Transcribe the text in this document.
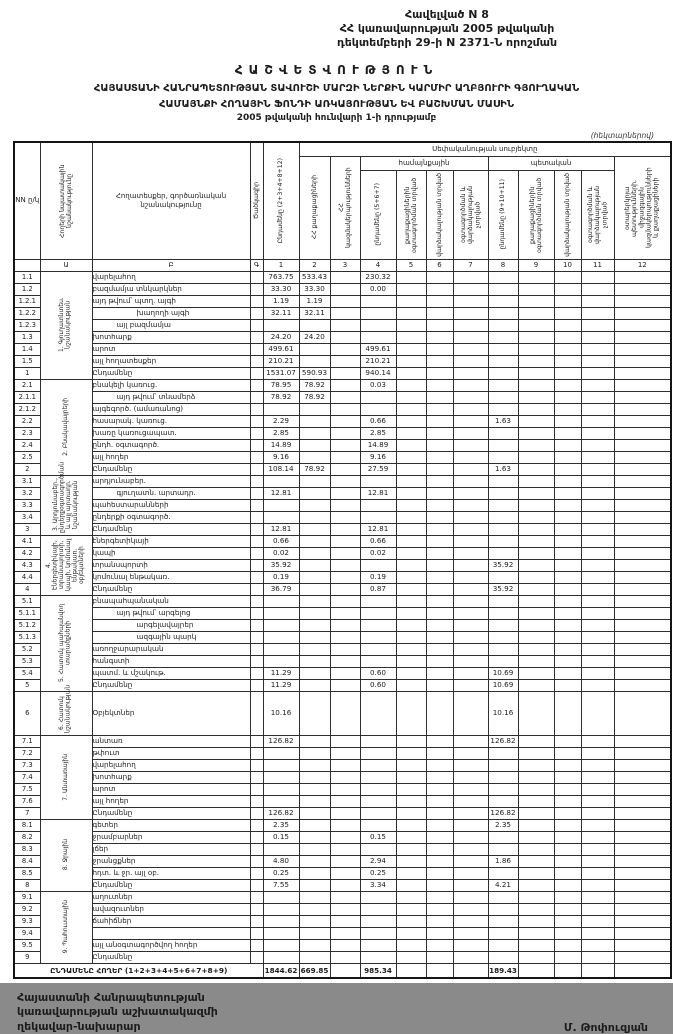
Հավելված N 8
ՀՀ կառավարության 2005 թվականի
դեկտեմբերի 29-ի N 2371-Ն որոշման
ՀԱՇՎԵՏՎՈՒԹՅՈՒՆ
ՀԱՅԱՍՏԱՆԻ ՀԱՆՐԱՊԵՏՈՒԹՅԱՆ ՏԱՎՈՒՇԻ ՄԱՐԶԻ ՆԵՐՔԻՆ ԿԱՐՄԻՐ ԱՂԲՅՈՒՐԻ ԳՅՈՒՂԱԿԱՆ
ՀԱՄԱՅՆՔԻ ՀՈՂԱՅԻՆ ՖՈՆԴԻ ԱՌԿԱՅՈՒԹՅԱՆ ԵՎ ԲԱՇԽՄԱՆ ՄԱՍԻՆ
2005 թվականի հունվարի 1-ի դրությամբ
(հեկտարներով)
NN ը/կ	Հողերի նպատակային նշանակությունը	Հողատեսքեր, գործառնական նշանակությունը	Ծածկագիր	Ընդամենը (2+3+4+8+12)	Սեփականության սուբյեկտը										

					ՀՀ քաղաքացիների	ՀՀ կազմակերպությունների	համայնքային				պետական				օտարերկրյա պետությունների, միջազգային կազմակերպությունների և քաղաքացիների

							ընդամենը (5+6+7)	քաղաքացիներին օգտագործման տրված	վարձակալության տրված	օգտագործման և վարձակալության չտրված	ընդամենը (9+10+11)	քաղաքացիներին օգտագործման տրված	վարձակալության տրված	օգտագործման և վարձակալության չտրված	

	Ա	Բ	Գ	1	2	3	4	5	6	7	8	9	10	11	12
1.1	1. Գյուղատնտես. նշանակության	վարելահող		763.75	533.43		230.32								
1.2		բազմամյա տնկարկներ		33.30	33.30		0.00								
1.2.1		այդ թվում՝ պտղ. այգի		1.19	1.19										
1.2.2		խաղողի այգի		32.11	32.11										
1.2.3		այլ բազմամյա													
1.3		խոտհարք		24.20	24.20										
1.4		արոտ		499.61			499.61								
1.5		այլ հողատեսքեր		210.21			210.21								
1		Ընդամենը		1531.07	590.93		940.14								
2.1	2. Բնակավայրերի	բնակելի կառուց.		78.95	78.92		0.03								
2.1.1		այդ թվում՝ տնամերձ		78.92	78.92										
2.1.2		այգեգործ. (ամառանոց)													
2.2		հասարակ. կառուց.		2.29			0.66				1.63				
2.3		խառը կառուցապատ.		2.85			2.85								
2.4		ընդհ. օգտագործ.		14.89			14.89								
2.5		այլ հողեր		9.16			9.16								
2		Ընդամենը		108.14	78.92		27.59				1.63				
3.1	3. Արդյունաբեր., ընդերքօգտագործման և այլ արտադր. նշանակության	արդյունաբեր.													
3.2		գյուղատն. արտադր.		12.81			12.81								
3.3		պահեստարանների													
3.4		ընդերքի օգտագործ.													
3		Ընդամենը		12.81			12.81								
4.1	4. Էներգետիկայի, տրանսպորտի, կապի, կոմունալ ենթակառ. օբյեկտների	էներգետիկայի		0.66			0.66								
4.2		կապի		0.02			0.02								
4.3		տրանսպորտի		35.92							35.92				
4.4		կոմունալ ենթակառ.		0.19			0.19								
4		Ընդամենը		36.79			0.87				35.92				
5.1	5. Հատուկ պահպանվող տարածքների	բնապահպանական													
5.1.1		այդ թվում՝ արգելոց													
5.1.2		արգելավայրեր													
5.1.3		ազգային պարկ													
5.2		առողջարարական													
5.3		հանգստի													
5.4		պատմ. և մշակութ.		11.29			0.60				10.69				
5		Ընդամենը		11.29			0.60				10.69				
6	6. Հատուկ նշանակության	Օբյեկտներ		10.16							10.16				
7.1	7. Անտառային	անտառ		126.82							126.82				
7.2		թփուտ													
7.3		վարելահող													
7.4		խոտհարք													
7.5		արոտ													
7.6		այլ հողեր													
7		Ընդամենը		126.82							126.82				
8.1	8. Ջրային	գետեր		2.35							2.35				
8.2		ջրամբարներ		0.15			0.15								
8.3		լճեր													
8.4		ջրանցքներ		4.80			2.94				1.86				
8.5		հդտ. և ջր. այլ օբ.		0.25			0.25								
8		Ընդամենը		7.55			3.34				4.21				
9.1	9. Պահուստային	աղուտներ													
9.2		ավազուտներ													
9.3		ճահիճներ													
9.4															
9.5		այլ անօգտագործվող հողեր													
9		Ընդամենը													
ԸՆԴԱՄԵՆԸ ՀՈՂԵՐ (1+2+3+4+5+6+7+8+9)				1844.62	669.85		985.34				189.43				
Հայաստանի Հանրապետության
կառավարության աշխատակազմի
ղեկավար-նախարար	Մ. Թոփուզյան
